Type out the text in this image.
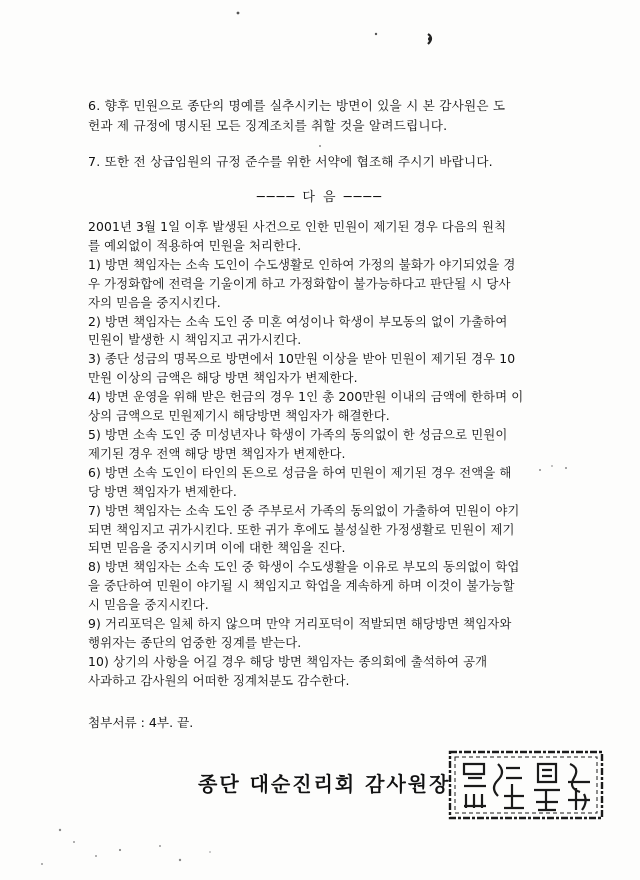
6. 향후 민원으로 종단의 명예를 실추시키는 방면이 있을 시 본 감사원은 도
헌과 제 규정에 명시된 모든 징계조치를 취할 것을 알려드립니다.

7. 또한 전 상급임원의 규정 준수를 위한 서약에 협조해 주시기 바랍니다.

──── 다 음 ────
2001년 3월 1일 이후 발생된 사건으로 인한 민원이 제기된 경우 다음의 원칙
를 예외없이 적용하여 민원을 처리한다.
1) 방면 책임자는 소속 도인이 수도생활로 인하여 가정의 불화가 야기되었을 경
우 가정화합에 전력을 기울이게 하고 가정화합이 불가능하다고 판단될 시 당사
자의 믿음을 중지시킨다.
2) 방면 책임자는 소속 도인 중 미혼 여성이나 학생이 부모동의 없이 가출하여
민원이 발생한 시 책임지고 귀가시킨다.
3) 종단 성금의 명목으로 방면에서 10만원 이상을 받아 민원이 제기된 경우 10
만원 이상의 금액은 해당 방면 책임자가 변제한다.
4) 방면 운영을 위해 받은 헌금의 경우 1인 총 200만원 이내의 금액에 한하며 이
상의 금액으로 민원제기시 해당방면 책임자가 해결한다.
5) 방면 소속 도인 중 미성년자나 학생이 가족의 동의없이 한 성금으로 민원이
제기된 경우 전액 해당 방면 책임자가 변제한다.
6) 방면 소속 도인이 타인의 돈으로 성금을 하여 민원이 제기된 경우 전액을 해
당 방면 책임자가 변제한다.
7) 방면 책임자는 소속 도인 중 주부로서 가족의 동의없이 가출하여 민원이 야기
되면 책임지고 귀가시킨다. 또한 귀가 후에도 불성실한 가정생활로 민원이 제기
되면 믿음을 중지시키며 이에 대한 책임을 진다.
8) 방면 책임자는 소속 도인 중 학생이 수도생활을 이유로 부모의 동의없이 학업
을 중단하여 민원이 야기될 시 책임지고 학업을 계속하게 하며 이것이 불가능할
시 믿음을 중지시킨다.
9) 거리포덕은 일체 하지 않으며 만약 거리포덕이 적발되면 해당방면 책임자와
행위자는 종단의 엄중한 징계를 받는다.
10) 상기의 사항을 어길 경우 해당 방면 책임자는 종의회에 출석하여 공개
사과하고 감사원의 어떠한 징계처분도 감수한다.
첨부서류 : 4부. 끝.
종단 대순진리회 감사원장
